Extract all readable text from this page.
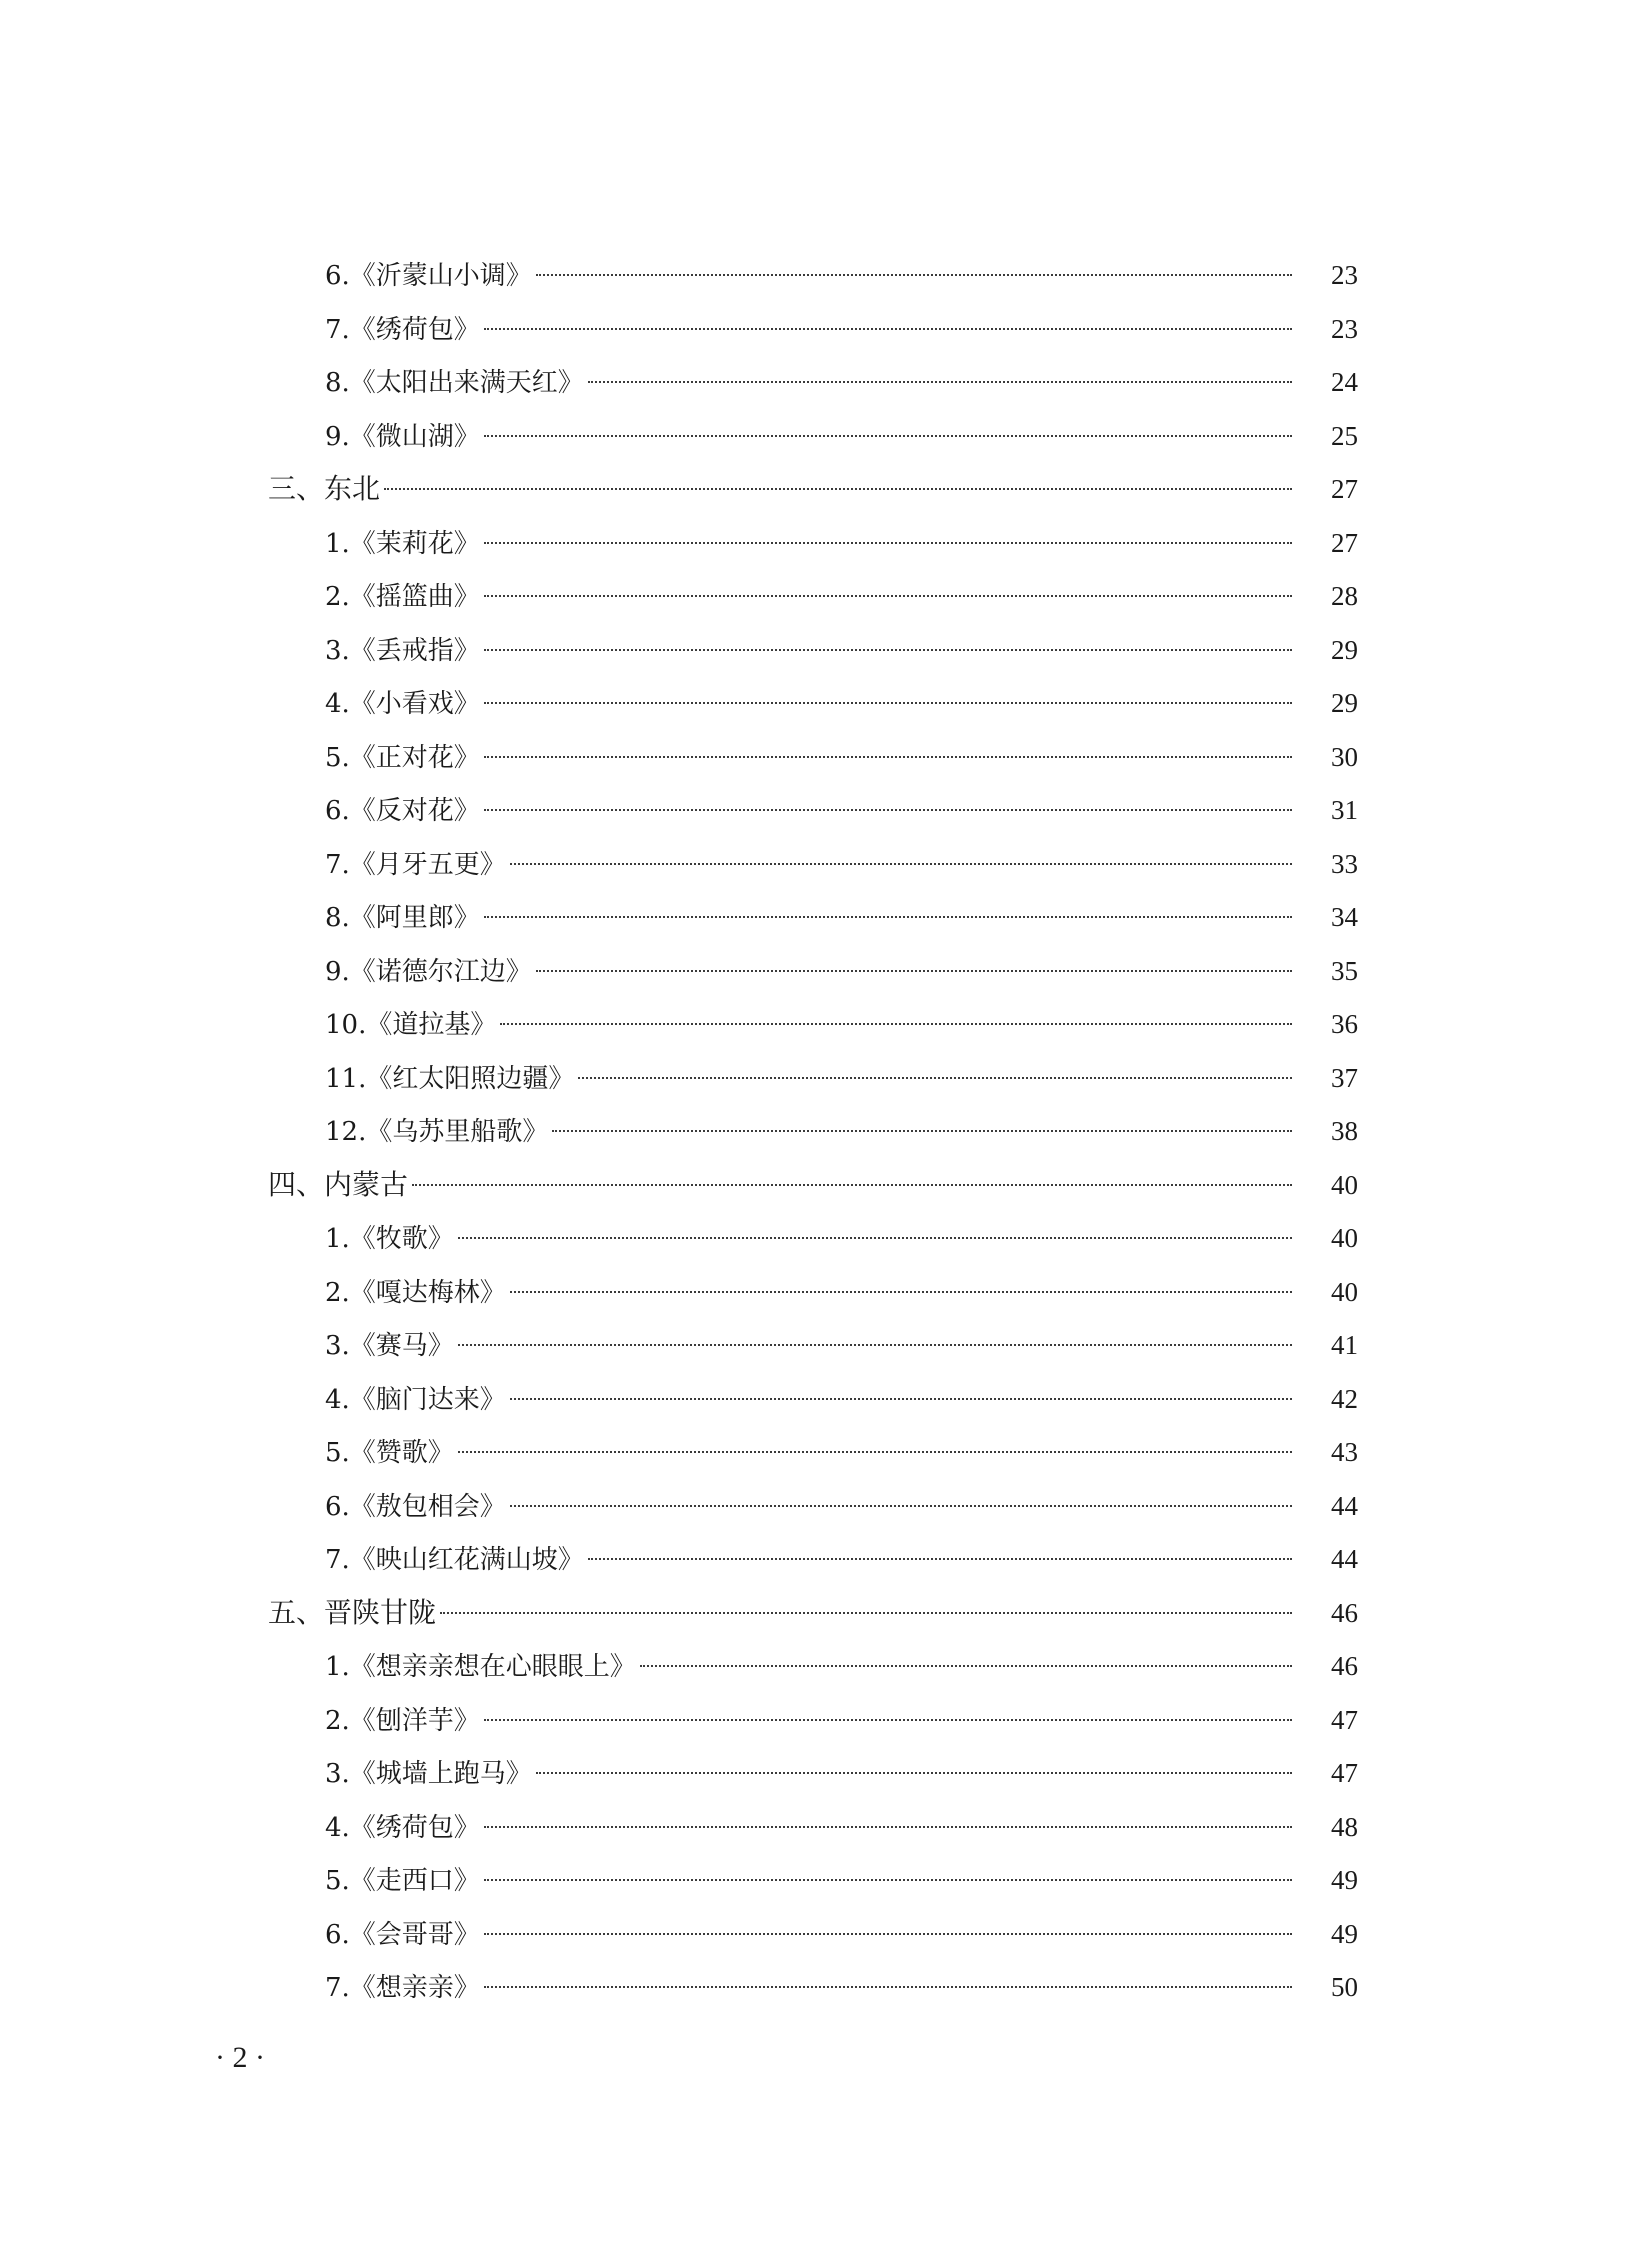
6.《沂蒙山小调》	23
7.《绣荷包》	23
8.《太阳出来满天红》	24
9.《微山湖》	25
三、东北	27
1.《茉莉花》	27
2.《摇篮曲》	28
3.《丢戒指》	29
4.《小看戏》	29
5.《正对花》	30
6.《反对花》	31
7.《月牙五更》	33
8.《阿里郎》	34
9.《诺德尔江边》	35
10.《道拉基》	36
11.《红太阳照边疆》	37
12.《乌苏里船歌》	38
四、内蒙古	40
1.《牧歌》	40
2.《嘎达梅林》	40
3.《赛马》	41
4.《脑门达来》	42
5.《赞歌》	43
6.《敖包相会》	44
7.《映山红花满山坡》	44
五、晋陕甘陇	46
1.《想亲亲想在心眼眼上》	46
2.《刨洋芋》	47
3.《城墙上跑马》	47
4.《绣荷包》	48
5.《走西口》	49
6.《会哥哥》	49
7.《想亲亲》	50
· 2 ·
